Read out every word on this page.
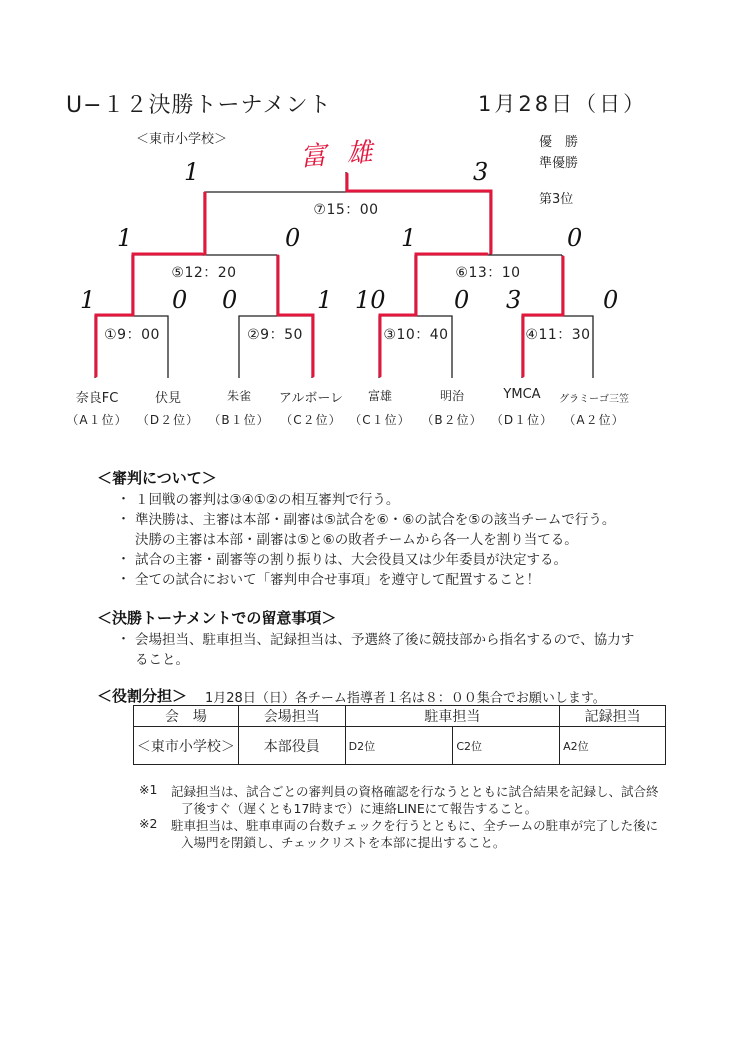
U−１２決勝トーナメント	1月28日（日）
＜東市小学校＞	優　勝
準優勝
第3位
富 雄
⑦15：00
⑤12：20	⑥13：10
①9：00	②9：50	③10：40	④11：30
1	3
1	0	1	0
1	0 0	1 10	0 3	0
奈良FC	伏見	朱雀 アルボーレ 富雄	明治	YMCA グラミーゴ三笠
（A１位） （D２位） （B１位） （C２位） （C１位） （B２位） （D１位） （A２位）
＜審判について＞
・ １回戦の審判は③④①②の相互審判で行う。
・ 準決勝は、主審は本部・副審は⑤試合を⑥・⑥の試合を⑤の該当チームで行う。
決勝の主審は本部・副審は⑤と⑥の敗者チームから各一人を割り当てる。
・ 試合の主審・副審等の割り振りは、大会役員又は少年委員が決定する。
・ 全ての試合において「審判申合せ事項」を遵守して配置すること！
＜決勝トーナメントでの留意事項＞
・ 会場担当、駐車担当、記録担当は、予選終了後に競技部から指名するので、協力す
ること。
＜役割分担＞ 1月28日（日）各チーム指導者１名は８：００集合でお願いします。
会　場	会場担当	駐車担当		記録担当
＜東市小学校＞	本部役員	D2位	C2位	A2位
※1 記録担当は、試合ごとの審判員の資格確認を行なうとともに試合結果を記録し、試合終
了後すぐ（遅くとも17時まで）に連絡LINEにて報告すること。
※2 駐車担当は、駐車車両の台数チェックを行うとともに、全チームの駐車が完了した後に
入場門を閉鎖し、チェックリストを本部に提出すること。
